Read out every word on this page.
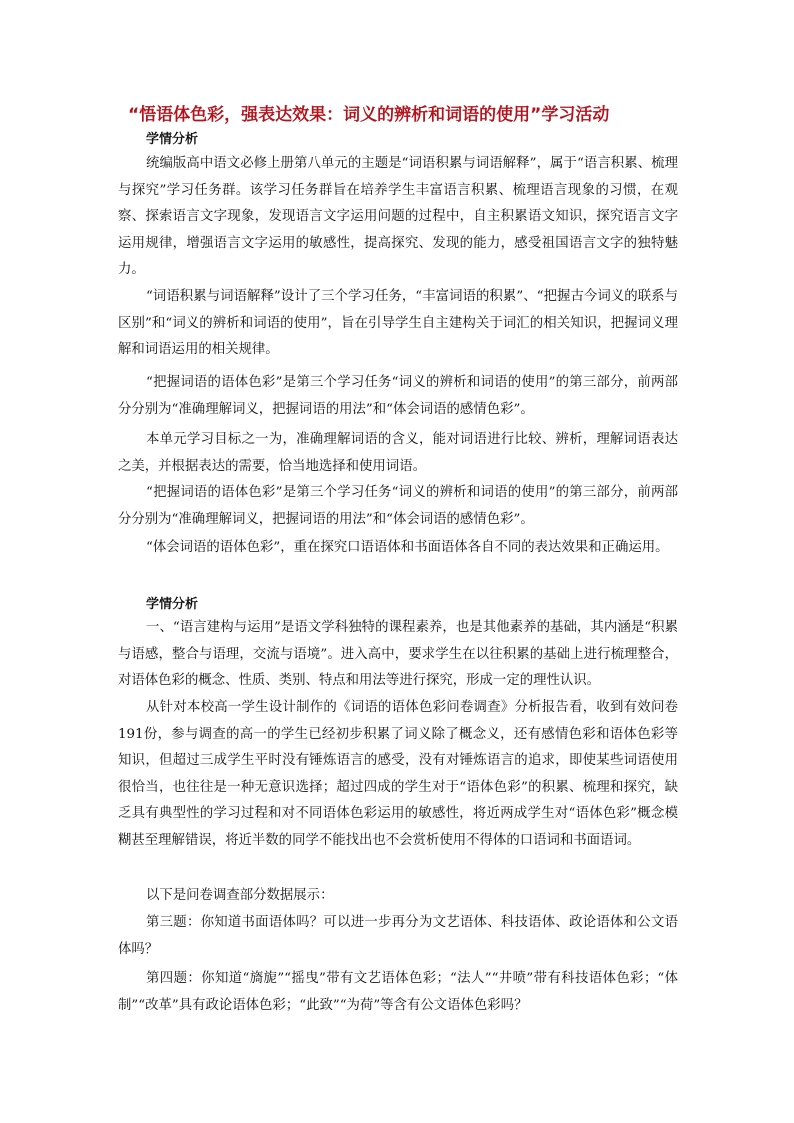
“悟语体色彩，强表达效果：词义的辨析和词语的使用”学习活动
学情分析

统编版高中语文必修上册第八单元的主题是“词语积累与词语解释”，属于“语言积累、梳理与探究”学习任务群。该学习任务群旨在培养学生丰富语言积累、梳理语言现象的习惯，在观察、探索语言文字现象，发现语言文字运用问题的过程中，自主积累语文知识，探究语言文字运用规律，增强语言文字运用的敏感性，提高探究、发现的能力，感受祖国语言文字的独特魅力。

“词语积累与词语解释”设计了三个学习任务，“丰富词语的积累”、“把握古今词义的联系与区别”和“词义的辨析和词语的使用”，旨在引导学生自主建构关于词汇的相关知识，把握词义理解和词语运用的相关规律。

“把握词语的语体色彩”是第三个学习任务“词义的辨析和词语的使用”的第三部分，前两部分分别为“准确理解词义，把握词语的用法”和“体会词语的感情色彩”。

本单元学习目标之一为，准确理解词语的含义，能对词语进行比较、辨析，理解词语表达之美，并根据表达的需要，恰当地选择和使用词语。

“把握词语的语体色彩”是第三个学习任务“词义的辨析和词语的使用”的第三部分，前两部分分别为“准确理解词义，把握词语的用法”和“体会词语的感情色彩”。

“体会词语的语体色彩”，重在探究口语语体和书面语体各自不同的表达效果和正确运用。

学情分析

一、“语言建构与运用”是语文学科独特的课程素养，也是其他素养的基础，其内涵是“积累与语感，整合与语理，交流与语境”。进入高中，要求学生在以往积累的基础上进行梳理整合，对语体色彩的概念、性质、类别、特点和用法等进行探究，形成一定的理性认识。

从针对本校高一学生设计制作的《词语的语体色彩问卷调查》分析报告看，收到有效问卷191份，参与调查的高一的学生已经初步积累了词义除了概念义，还有感情色彩和语体色彩等知识，但超过三成学生平时没有锤炼语言的感受，没有对锤炼语言的追求，即使某些词语使用很恰当，也往往是一种无意识选择；超过四成的学生对于“语体色彩”的积累、梳理和探究，缺乏具有典型性的学习过程和对不同语体色彩运用的敏感性，将近两成学生对“语体色彩”概念模糊甚至理解错误，将近半数的同学不能找出也不会赏析使用不得体的口语词和书面语词。

以下是问卷调查部分数据展示：

第三题：你知道书面语体吗？可以进一步再分为文艺语体、科技语体、政论语体和公文语体吗？

第四题：你知道“旖旎”“摇曳”带有文艺语体色彩；“法人”“井喷”带有科技语体色彩；“体制”“改革”具有政论语体色彩；“此致”“为荷”等含有公文语体色彩吗？
